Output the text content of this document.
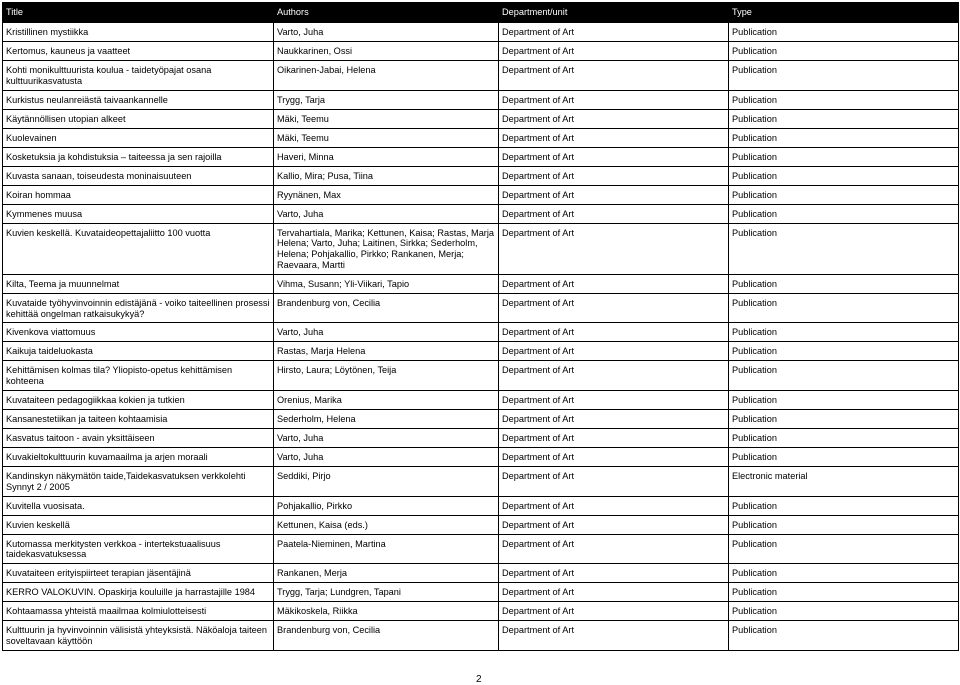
Title	Authors	Department/unit	Type
Kristillinen mystiikka	Varto, Juha	Department of Art	Publication
Kertomus, kauneus ja vaatteet	Naukkarinen, Ossi	Department of Art	Publication
Kohti monikulttuurista koulua - taidetyöpajat osana kulttuurikasvatusta	Oikarinen-Jabai, Helena	Department of Art	Publication
Kurkistus neulanreiästä taivaankannelle	Trygg, Tarja	Department of Art	Publication
Käytännöllisen utopian alkeet	Mäki, Teemu	Department of Art	Publication
Kuolevainen	Mäki, Teemu	Department of Art	Publication
Kosketuksia ja kohdistuksia – taiteessa ja sen rajoilla	Haveri, Minna	Department of Art	Publication
Kuvasta sanaan, toiseudesta moninaisuuteen	Kallio, Mira; Pusa, Tiina	Department of Art	Publication
Koiran hommaa	Ryynänen, Max	Department of Art	Publication
Kymmenes muusa	Varto, Juha	Department of Art	Publication
Kuvien keskellä. Kuvataideopettajaliitto 100 vuotta	Tervahartiala, Marika; Kettunen, Kaisa; Rastas, Marja Helena; Varto, Juha; Laitinen, Sirkka; Sederholm, Helena; Pohjakallio, Pirkko; Rankanen, Merja; Raevaara, Martti	Department of Art	Publication
Kilta, Teema ja muunnelmat	Vihma, Susann; Yli-Viikari, Tapio	Department of Art	Publication
Kuvataide työhyvinvoinnin edistäjänä - voiko taiteellinen prosessi kehittää ongelman ratkaisukykyä?	Brandenburg von, Cecilia	Department of Art	Publication
Kivenkova viattomuus	Varto, Juha	Department of Art	Publication
Kaikuja taideluokasta	Rastas, Marja Helena	Department of Art	Publication
Kehittämisen kolmas tila? Yliopisto-opetus kehittämisen kohteena	Hirsto, Laura; Löytönen, Teija	Department of Art	Publication
Kuvataiteen pedagogiikkaa kokien ja tutkien	Orenius, Marika	Department of Art	Publication
Kansanestetiikan ja taiteen kohtaamisia	Sederholm, Helena	Department of Art	Publication
Kasvatus taitoon - avain yksittäiseen	Varto, Juha	Department of Art	Publication
Kuvakieltokulttuurin kuvamaailma ja arjen moraali	Varto, Juha	Department of Art	Publication
Kandinskyn näkymätön taide,Taidekasvatuksen verkkolehti Synnyt 2 / 2005	Seddiki, Pirjo	Department of Art	Electronic material
Kuvitella vuosisata.	Pohjakallio, Pirkko	Department of Art	Publication
Kuvien keskellä	Kettunen, Kaisa (eds.)	Department of Art	Publication
Kutomassa merkitysten verkkoa - intertekstuaalisuus taidekasvatuksessa	Paatela-Nieminen, Martina	Department of Art	Publication
Kuvataiteen erityispiirteet terapian jäsentäjinä	Rankanen, Merja	Department of Art	Publication
KERRO VALOKUVIN. Opaskirja kouluille ja harrastajille 1984	Trygg, Tarja; Lundgren, Tapani	Department of Art	Publication
Kohtaamassa yhteistä maailmaa kolmiulotteisesti	Mäkikoskela, Riikka	Department of Art	Publication
Kulttuurin ja hyvinvoinnin välisistä yhteyksistä. Näköaloja taiteen soveltavaan käyttöön	Brandenburg von, Cecilia	Department of Art	Publication
2
